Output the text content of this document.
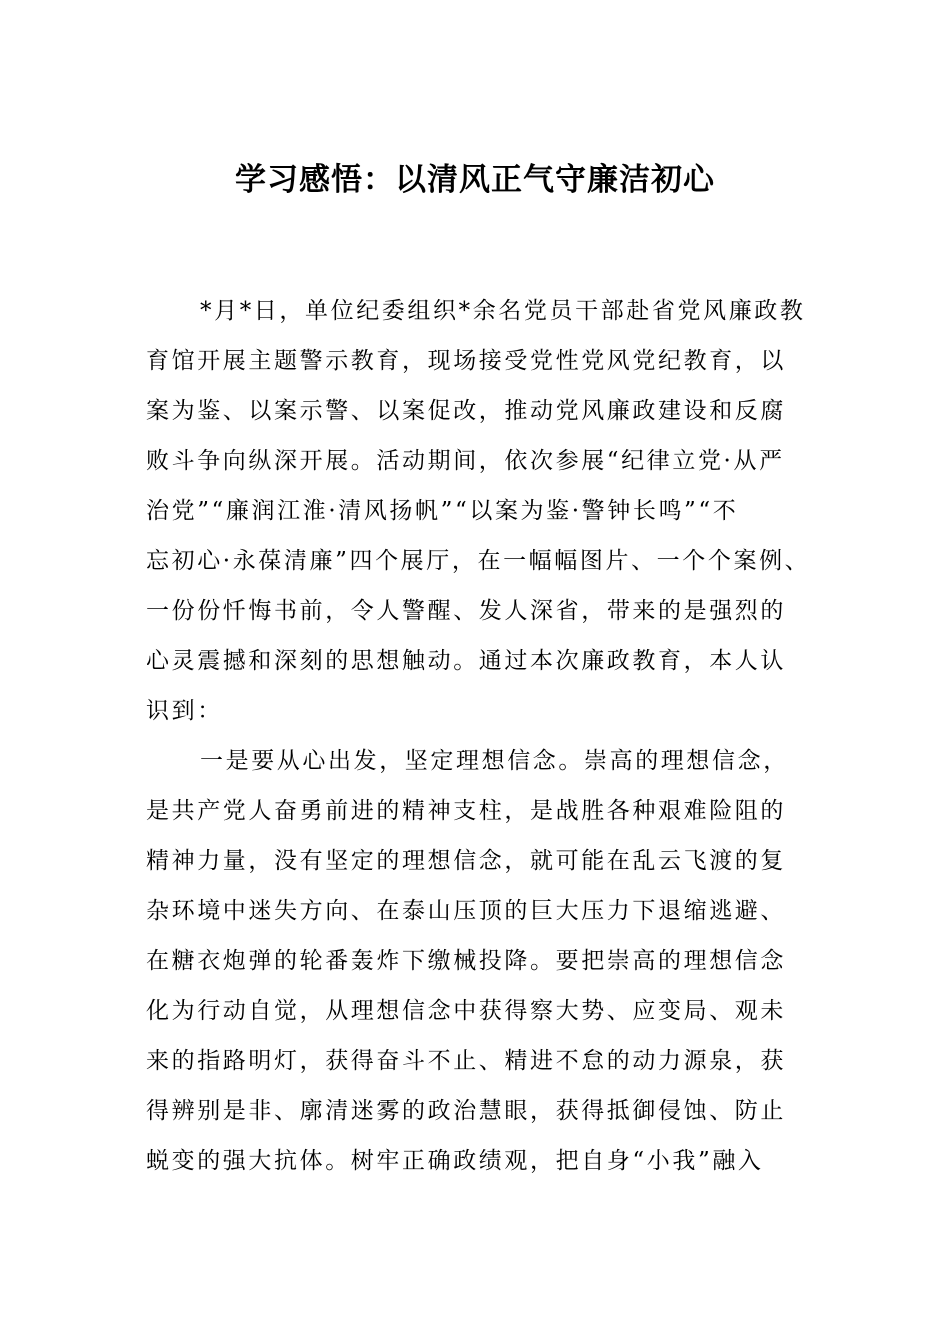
学习感悟：以清风正气守廉洁初心
*月*日，单位纪委组织*余名党员干部赴省党风廉政教
育馆开展主题警示教育，现场接受党性党风党纪教育，以
案为鉴、以案示警、以案促改，推动党风廉政建设和反腐
败斗争向纵深开展。活动期间，依次参展“纪律立党·从严
治党”“廉润江淮·清风扬帆”“以案为鉴·警钟长鸣”“不
忘初心·永葆清廉”四个展厅，在一幅幅图片、一个个案例、
一份份忏悔书前，令人警醒、发人深省，带来的是强烈的
心灵震撼和深刻的思想触动。通过本次廉政教育，本人认
识到：
一是要从心出发，坚定理想信念。崇高的理想信念，
是共产党人奋勇前进的精神支柱，是战胜各种艰难险阻的
精神力量，没有坚定的理想信念，就可能在乱云飞渡的复
杂环境中迷失方向、在泰山压顶的巨大压力下退缩逃避、
在糖衣炮弹的轮番轰炸下缴械投降。要把崇高的理想信念
化为行动自觉，从理想信念中获得察大势、应变局、观未
来的指路明灯，获得奋斗不止、精进不怠的动力源泉，获
得辨别是非、廓清迷雾的政治慧眼，获得抵御侵蚀、防止
蜕变的强大抗体。树牢正确政绩观，把自身“小我”融入
